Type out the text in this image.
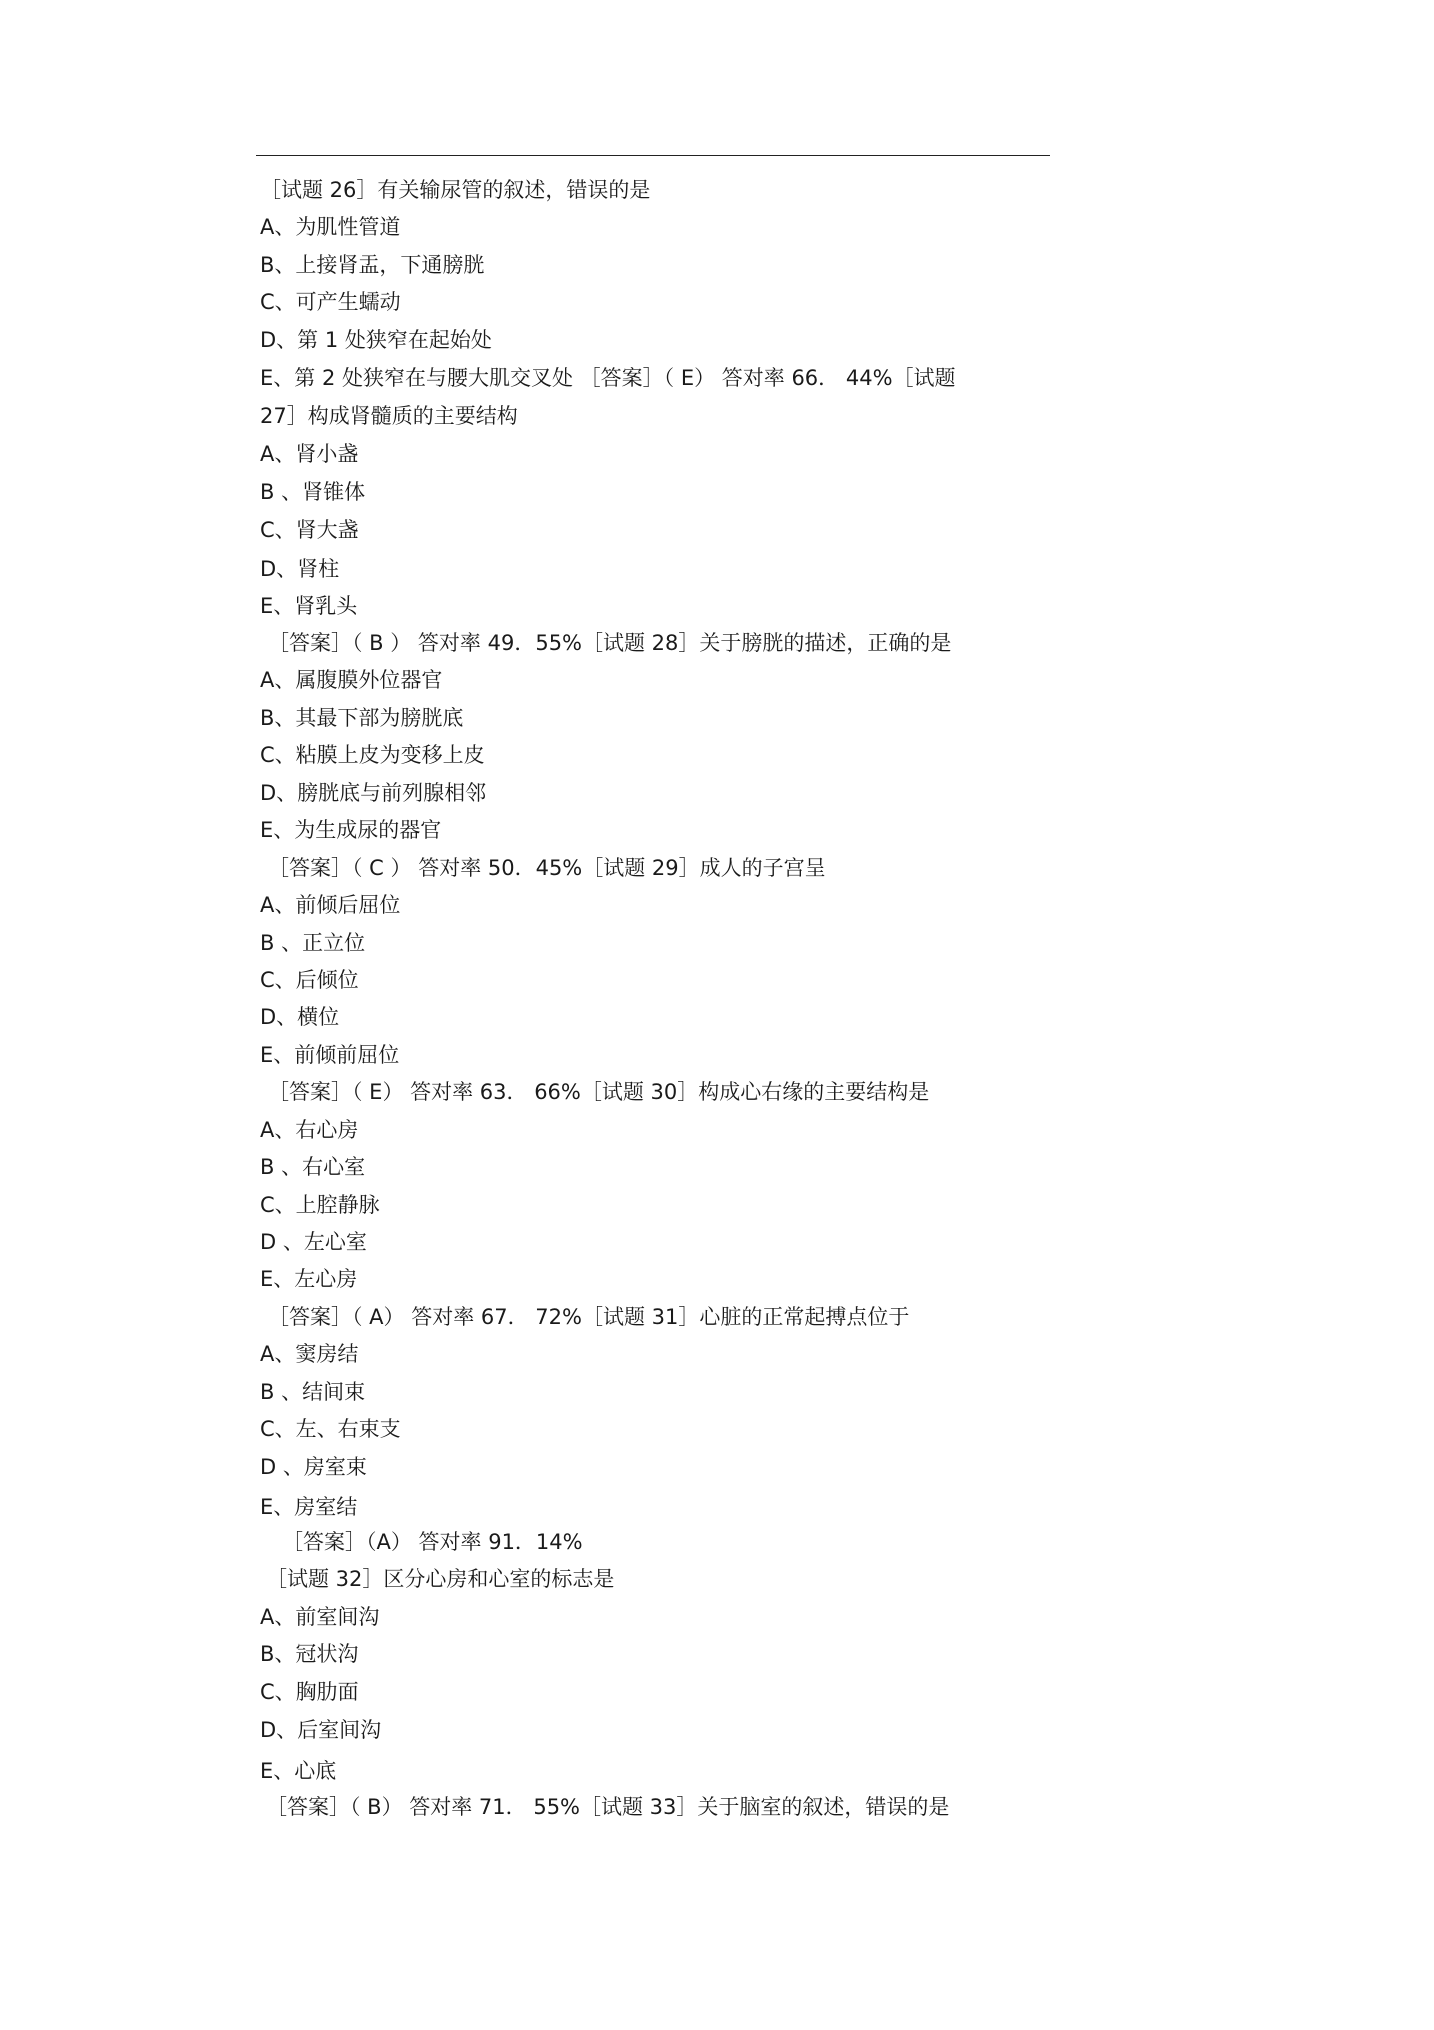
［试题 26］有关输尿管的叙述，错误的是
A、为肌性管道
B、上接肾盂，下通膀胱
C、可产生蠕动
D、第 1 处狭窄在起始处
E、第 2 处狭窄在与腰大肌交叉处 ［答案］（ E） 答对率 66． 44%［试题
27］构成肾髓质的主要结构
A、肾小盏
B 、肾锥体
C、肾大盏
D、肾柱
E、肾乳头
［答案］（ B ） 答对率 49．55%［试题 28］关于膀胱的描述，正确的是
A、属腹膜外位器官
B、其最下部为膀胱底
C、粘膜上皮为变移上皮
D、膀胱底与前列腺相邻
E、为生成尿的器官
［答案］（ C ） 答对率 50．45%［试题 29］成人的子宫呈
A、前倾后屈位
B 、正立位
C、后倾位
D、横位
E、前倾前屈位
［答案］（ E） 答对率 63． 66%［试题 30］构成心右缘的主要结构是
A、右心房
B 、右心室
C、上腔静脉
D 、左心室
E、左心房
［答案］（ A） 答对率 67． 72%［试题 31］心脏的正常起搏点位于
A、窦房结
B 、结间束
C、左、右束支
D 、房室束
E、房室结
［答案］（A） 答对率 91．14%
［试题 32］区分心房和心室的标志是
A、前室间沟
B、冠状沟
C、胸肋面
D、后室间沟
E、心底
［答案］（ B） 答对率 71． 55%［试题 33］关于脑室的叙述，错误的是
